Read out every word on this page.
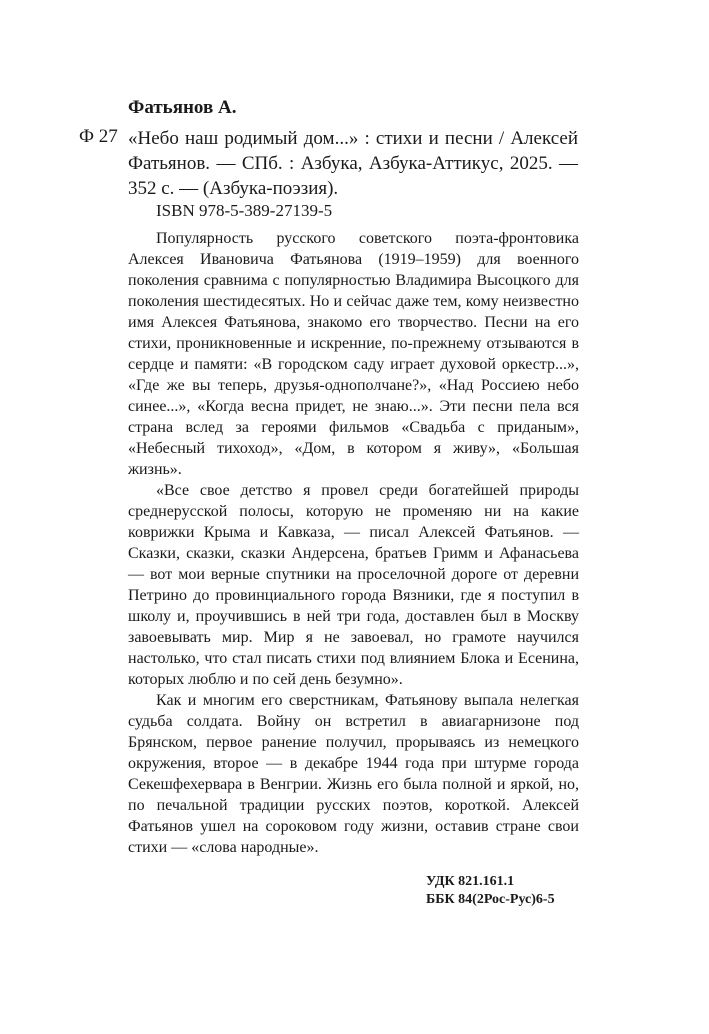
Фатьянов А.
Ф 27 «Небо наш родимый дом...» : стихи и песни / Алексей Фатьянов. — СПб. : Азбука, Азбука-Аттикус, 2025. — 352 с. — (Азбука-поэзия).
ISBN 978-5-389-27139-5

Популярность русского советского поэта-фронтовика Алексея Ивановича Фатьянова (1919–1959) для военного поколения сравнима с популярностью Владимира Высоцкого для поколения шестидесятых. Но и сейчас даже тем, кому неизвестно имя Алексея Фатьянова, знакомо его творчество. Песни на его стихи, проникновенные и искренние, по-прежнему отзываются в сердце и памяти: «В городском саду играет духовой оркестр...», «Где же вы теперь, друзья-однополчане?», «Над Россиею небо синее...», «Когда весна придет, не знаю...». Эти песни пела вся страна вслед за героями фильмов «Свадьба с приданым», «Небесный тихоход», «Дом, в котором я живу», «Большая жизнь».

«Все свое детство я провел среди богатейшей природы среднерусской полосы, которую не променяю ни на какие коврижки Крыма и Кавказа, — писал Алексей Фатьянов. — Сказки, сказки, сказки Андерсена, братьев Гримм и Афанасьева — вот мои верные спутники на проселочной дороге от деревни Петрино до провинциального города Вязники, где я поступил в школу и, проучившись в ней три года, доставлен был в Москву завоевывать мир. Мир я не завоевал, но грамоте научился настолько, что стал писать стихи под влиянием Блока и Есенина, которых люблю и по сей день безумно».

Как и многим его сверстникам, Фатьянову выпала нелегкая судьба солдата. Войну он встретил в авиагарнизоне под Брянском, первое ранение получил, прорываясь из немецкого окружения, второе — в декабре 1944 года при штурме города Секешфехервара в Венгрии. Жизнь его была полной и яркой, но, по печальной традиции русских поэтов, короткой. Алексей Фатьянов ушел на сороковом году жизни, оставив стране свои стихи — «слова народные».

УДК 821.161.1
ББК 84(2Рос-Рус)6-5
